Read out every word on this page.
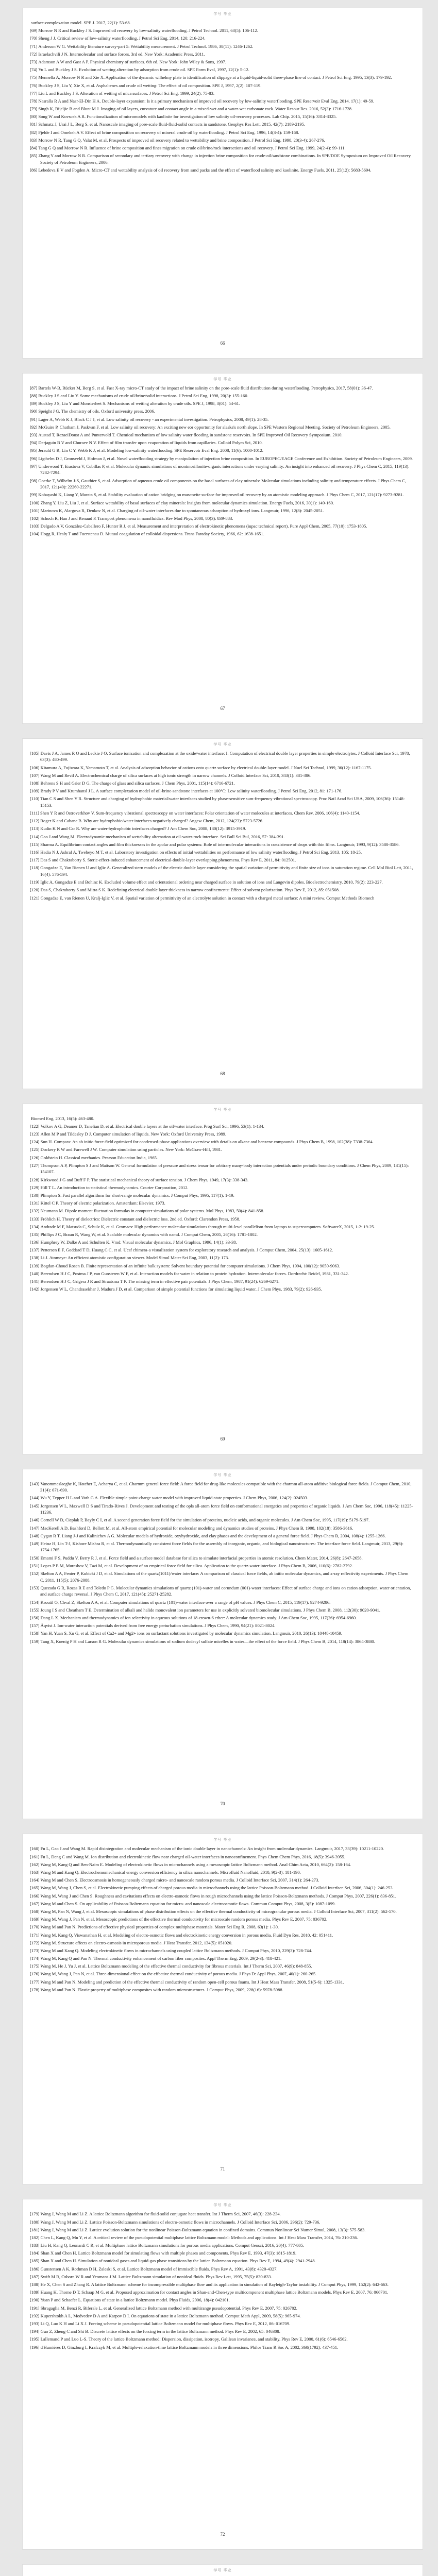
学号 毕业

surface-complexation model. SPE J. 2017, 22(1): 53-68.

[69] Morrow N R and Buckley J S. Improved oil recovery by low-salinity waterflooding. J Petrol Technol. 2011, 63(5): 106-112.

[70] Sheng J J. Critical review of low-salinity waterflooding. J Petrol Sci Eng. 2014, 120: 216-224.

[71] Anderson W G. Wettability literature survey-part 5: Wettability measurement. J Petrol Technol. 1986, 38(11): 1246-1262.

[72] Israelachvili J N. Intermolecular and surface forces. 3rd ed. New York: Academic Press, 2011.

[73] Adamson A W and Gast A P. Physical chemistry of surfaces. 6th ed. New York: John Wiley & Sons, 1997.

[74] Yu L and Buckley J S. Evolution of wetting alteration by adsorption from crude oil. SPE Form Eval, 1997, 12(1): 5-12.

[75] Mennella A, Morrow N R and Xie X. Application of the dynamic wilhelmy plate to identification of slippage at a liquid-liquid-solid three-phase line of contact. J Petrol Sci Eng. 1995, 13(3): 179-192.

[76] Buckley J S, Liu Y, Xie X, et al. Asphaltenes and crude oil wetting: The effect of oil composition. SPE J, 1997, 2(2): 107-119.

[77] Liu L and Buckley J S. Alteration of wetting of mica surfaces. J Petrol Sci Eng. 1999, 24(2): 75-83.

[78] Nasralla R A and Nasr-El-Din H A. Double-layer expansion: Is it a primary mechanism of improved oil recovery by low-salinity waterflooding. SPE Reservoir Eval Eng. 2014, 17(1): 49-59.

[79] Singh K, Bijeljic B and Blunt M J. Imaging of oil layers, curvature and contact angle in a mixed-wet and a water-wet carbonate rock. Water Resour Res. 2016, 52(3): 1716-1728.

[80] Song W and Kovscek A R. Functionalization of micromodels with kaolinite for investigation of low salinity oil-recovery processes. Lab Chip. 2015, 15(16): 3314-3325.

[81] Schmatz J, Urai J L, Berg S, et al. Nanoscale imaging of pore-scale fluid-fluid-solid contacts in sandstone. Geophys Res Lett. 2015, 42(7): 2189-2195.

[82] Fjelde I and Omekeh A V. Effect of brine composition on recovery of mineral crude oil by waterflooding. J Petrol Sci Eng. 1996, 14(3-4): 159-168.

[83] Morrow N R, Tang G Q, Valat M, et al. Prospects of improved oil recovery related to wettability and brine composition. J Petrol Sci Eng. 1998, 20(3-4): 267-276.

[84] Tang G Q and Morrow N R. Influence of brine composition and fines migration on crude oil/brine/rock interactions and oil recovery. J Petrol Sci Eng. 1999, 24(2-4): 99-111.

[85] Zhang Y and Morrow N R. Comparison of secondary and tertiary recovery with change in injection brine composition for crude-oil/sandstone combinations. In SPE/DOE Symposium on Improved Oil Recovery. Society of Petroleum Engineers, 2006.

[86] Lebedeva E V and Fogden A. Micro-CT and wettability analysis of oil recovery from sand packs and the effect of waterflood salinity and kaolinite. Energy Fuels. 2011, 25(12): 5683-5694.

66
学号 毕业

[87] Bartels W-B, Rücker M, Berg S, et al. Fast X-ray micro-CT study of the impact of brine salinity on the pore-scale fluid distribution during waterflooding. Petrophysics, 2017, 58(01): 36-47.

[88] Buckley J S and Liu Y. Some mechanisms of crude oil/brine/solid interactions. J Petrol Sci Eng, 1998, 20(3): 155-160.

[89] Buckley J S, Liu Y and Monsterleet S. Mechanisms of wetting alteration by crude oils. SPE J, 1998, 3(01): 54-61.

[90] Speight J G. The chemistry of oils. Oxford university press, 2006.

[91] Lager A, Webb K J, Black C J J, et al. Low salinity oil recovery - an experimental investigation. Petrophysics, 2008, 49(1): 28-35.

[92] McGuire P, Chatham J, Paskvan F, et al. Low salinity oil recovery: An exciting new eor opportunity for alaska's north slope. In SPE Western Regional Meeting. Society of Petroleum Engineers, 2005.

[93] Austad T, RezaeiDoust A and Puntervold T. Chemical mechanism of low salinity water flooding in sandstone reservoirs. In SPE Improved Oil Recovery Symposium. 2010.

[94] Derjaguin B V and Churaev N V. Effect of film transfer upon evaporation of liquids from capillaries. Colloid Polym Sci, 2010.

[95] Jerauld G R, Lin C Y, Webb K J, et al. Modeling low-salinity waterflooding. SPE Reservoir Eval Eng. 2008, 11(6): 1000-1012.

[96] Ligthelm D J, Gronsveld J, Hofman J, et al. Novel waterflooding strategy by manipulation of injection brine composition. In EUROPEC/EAGE Conference and Exhibition. Society of Petroleum Engineers, 2009.

[97] Underwood T, Erastova V, Cubillas P, et al. Molecular dynamic simulations of montmorillonite-organic interactions under varying salinity: An insight into enhanced oil recovery. J Phys Chem C, 2015, 119(13): 7282-7294.

[98] Goerke T, Wilhelm J-S, Gauthier S, et al. Adsorption of aqueous crude oil components on the basal surfaces of clay minerals: Molecular simulations including salinity and temperature effects. J Phys Chem C, 2017, 121(40): 22260-22271.

[99] Kobayashi K, Liang Y, Murata S, et al. Stability evaluation of cation bridging on muscovite surface for improved oil recovery by an atomistic modeling approach. J Phys Chem C, 2017, 121(17): 9273-9281.

[100] Zhang Y, Liu Z, Liu J, et al. Surface wettability of basal surfaces of clay minerals: Insights from molecular dynamics simulation. Energy Fuels, 2016, 30(1): 149-160.

[101] Marinova K, Alargova R, Denkov N, et al. Charging of oil-water interfaces due to spontaneous adsorption of hydroxyl ions. Langmuir, 1996, 12(8): 2045-2051.

[102] Schoch R, Han J and Renaud P. Transport phenomena in nanofluidics. Rev Mod Phys, 2008, 80(3): 839-883.

[103] Delgado A V, González-Caballero F, Hunter R J, et al. Measurement and interpretation of electrokinetic phenomena (iupac technical report). Pure Appl Chem, 2005, 77(10): 1753-1805.

[104] Hogg R, Healy T and Fuerstenau D. Mutual coagulation of colloidal dispersions. Trans Faraday Society, 1966, 62: 1638-1651.

67
学号 毕业

[105] Davis J A, James R O and Leckie J O. Surface ionization and complexation at the oxide/water interface: I. Computation of electrical double layer properties in simple electrolytes. J Colloid Interface Sci, 1978, 63(3): 480-499.

[106] Kitamura A, Fujiwara K, Yamamoto T, et al. Analysis of adsorption behavior of cations onto quartz surface by electrical double-layer model. J Nucl Sci Technol, 1999, 36(12): 1167-1175.

[107] Wang M and Revil A. Electrochemical charge of silica surfaces at high ionic strength in narrow channels. J Colloid Interface Sci, 2010, 343(1): 381-386.

[108] Behrens S H and Grier D G. The charge of glass and silica surfaces. J Chem Phys, 2001, 115(14): 6716-6721.

[109] Brady P V and Krumhansl J L. A surface complexation model of oil-brine-sandstone interfaces at 100°C: Low salinity waterflooding. J Petrol Sci Eng, 2012, 81: 171-176.

[110] Tian C S and Shen Y R. Structure and charging of hydrophobic material/water interfaces studied by phase-sensitive sum-frequency vibrational spectroscopy. Proc Natl Acad Sci USA, 2009, 106(36): 15148-15153.

[111] Shen Y R and Ostroverkhov V. Sum-frequency vibrational spectroscopy on water interfaces: Polar orientation of water molecules at interfaces. Chem Rev, 2006, 106(4): 1140-1154.

[112] Roger K and Cabane B. Why are hydrophobic/water interfaces negatively charged? Angew Chem, 2012, 124(23): 5723-5726.

[113] Kudin K N and Car R. Why are water-hydrophobic interfaces charged? J Am Chem Soc, 2008, 130(12): 3915-3919.

[114] Gao J and Wang M. Electrodynamic mechanism of wettability alternation at oil-water-rock interface. Sci Bull Sci Bul, 2016, 57: 384-391.

[115] Sharma A. Equilibrium contact angles and film thicknesses in the apolar and polar systems: Role of intermolecular interactions in coexistence of drops with thin films. Langmuir, 1993, 9(12): 3580-3586.

[116] Hadia N J, Ashraf A, Tweheyo M T, et al. Laboratory investigation on effects of initial wettabilities on performance of low salinity waterflooding. J Petrol Sci Eng, 2013, 105: 18-25.

[117] Das S and Chakraborty S. Steric-effect-induced enhancement of electrical-double-layer overlapping phenomena. Phys Rev E, 2011, 84: 012501.

[118] Gongadze E, Van Rienen U and Iglic A. Generalized stern models of the electric double layer considering the spatial variation of permittivity and finite size of ions in saturation regime. Cell Mol Biol Lett, 2011, 16(4): 576-594.

[119] Iglic A, Gongadze E and Bohinc K. Excluded volume effect and orientational ordering near charged surface in solution of ions and Langevin dipoles. Bioelectrochemistry, 2010, 79(2): 223-227.

[120] Das S, Chakraborty S and Mitra S K. Redefining electrical double layer thickness in narrow confinements: Effect of solvent polarization. Phys Rev E, 2012, 85: 051508.

[121] Gongadze E, van Rienen U, Kralj-Iglic V, et al. Spatial variation of permittivity of an electrolyte solution in contact with a charged metal surface: A mini review. Comput Methods Biomech

68
学号 毕业

Biomed Eng, 2013, 16(5): 463-480.

[122] Volkov A G, Deamer D, Tanelian D, et al. Electrical double layers at the oil/water interface. Prog Surf Sci, 1996, 53(1): 1-134.

[123] Allen M P and Tildesley D J. Computer simulation of liquids. New York: Oxford University Press, 1989.

[124] Sun H. Compass: An ab initio force-field optimized for condensed-phase applications overview with details on alkane and benzene compounds. J Phys Chem B, 1998, 102(38): 7338-7364.

[125] Dockery R W and Farewell J W. Computer simulation using particles. New York: McGraw-Hill, 1981.

[126] Goldstein H. Classical mechanics. Pearson Education India, 1965.

[127] Thompson A P, Plimpton S J and Mattson W. General formulation of pressure and stress tensor for arbitrary many-body interaction potentials under periodic boundary conditions. J Chem Phys, 2009, 131(15): 154107.

[128] Kirkwood J G and Buff F P. The statistical mechanical theory of surface tension. J Chem Phys, 1949, 17(3): 338-343.

[129] Hill T L. An introduction to statistical thermodynamics. Courier Corporation, 2012.

[130] Plimpton S. Fast parallel algorithms for short-range molecular dynamics. J Comput Phys, 1995, 117(1): 1-19.

[131] Kittel C P. Theory of electric polarization. Amsterdam: Elsevier, 1973.

[132] Neumann M. Dipole moment fluctuation formulas in computer simulations of polar systems. Mol Phys, 1983, 50(4): 841-858.

[133] Fröhlich H. Theory of dielectrics: Dielectric constant and dielectric loss. 2nd ed. Oxford: Clarendon Press, 1958.

[134] Andrade M F, Matsuda C, Schulz K, et al. Gromacs: High performance molecular simulations through multi-level parallelism from laptops to supercomputers. SoftwareX, 2015, 1-2: 19-25.

[135] Phillips J C, Braun R, Wang W, et al. Scalable molecular dynamics with namd. J Comput Chem, 2005, 26(16): 1781-1802.

[136] Humphrey W, Dalke A and Schulten K. Vmd: Visual molecular dynamics. J Mol Graphics, 1996, 14(1): 33-38.

[137] Pettersen E F, Goddard T D, Huang C C, et al. Ucsf chimera-a visualization system for exploratory research and analysis. J Comput Chem, 2004, 25(13): 1605-1612.

[138] Li J. Atomeye: An efficient atomistic configuration viewer. Model Simul Mater Sci Eng, 2003, 11(2): 173.

[139] Bogdan-Choud Rosen B. Finite representation of an infinite bulk system: Solvent boundary potential for computer simulations. J Chem Phys, 1994, 100(12): 9050-9063.

[140] Berendsen H J C, Postma J P, van Gunsteren W F, et al. Interaction models for water in relation to protein hydration. Intermolecular forces. Dordrecht: Reidel, 1981, 331-342.

[141] Berendsen H J C, Grigera J R and Straatsma T P. The missing term in effective pair potentials. J Phys Chem, 1987, 91(24): 6269-6271.

[142] Jorgensen W L, Chandrasekhar J, Madura J D, et al. Comparison of simple potential functions for simulating liquid water. J Chem Phys, 1983, 79(2): 926-935.

69
学号 毕业

[143] Vanommeslaeghe K, Hatcher E, Acharya C, et al. Charmm general force field: A force field for drug-like molecules compatible with the charmm all-atom additive biological force fields. J Comput Chem, 2010, 31(4): 671-690.

[144] Wu Y, Tepper H L and Voth G A. Flexible simple point-charge water model with improved liquid-state properties. J Chem Phys, 2006, 124(2): 024503.

[145] Jorgensen W L, Maxwell D S and Tirado-Rives J. Development and testing of the opls all-atom force field on conformational energetics and properties of organic liquids. J Am Chem Soc, 1996, 118(45): 11225-11236.

[146] Cornell W D, Cieplak P, Bayly C I, et al. A second generation force field for the simulation of proteins, nucleic acids, and organic molecules. J Am Chem Soc, 1995, 117(19): 5179-5197.

[147] MacKerell A D, Bashford D, Bellott M, et al. All-atom empirical potential for molecular modeling and dynamics studies of proteins. J Phys Chem B, 1998, 102(18): 3586-3616.

[148] Cygan R T, Liang J-J and Kalinichev A G. Molecular models of hydroxide, oxyhydroxide, and clay phases and the development of a general force field. J Phys Chem B, 2004, 108(4): 1255-1266.

[149] Heinz H, Lin T-J, Kishore Mishra R, et al. Thermodynamically consistent force fields for the assembly of inorganic, organic, and biological nanostructures: The interface force field. Langmuir, 2013, 29(6): 1754-1765.

[150] Emami F S, Puddu V, Berry R J, et al. Force field and a surface model database for silica to simulate interfacial properties in atomic resolution. Chem Mater, 2014, 26(8): 2647-2658.

[151] Lopes P E M, Murashov V, Tazi M, et al. Development of an empirical force field for silica. Application to the quartz-water interface. J Phys Chem B, 2006, 110(6): 2782-2792.

[152] Skelton A A, Fenter P, Kubicki J D, et al. Simulations of the quartz(1011)/water interface: A comparison of classical force fields, ab initio molecular dynamics, and x-ray reflectivity experiments. J Phys Chem C, 2011, 115(5): 2076-2088.

[153] Quezada G R, Rozas R E and Toledo P G. Molecular dynamics simulations of quartz (101)-water and corundum (001)-water interfaces: Effect of surface charge and ions on cation adsorption, water orientation, and surface charge reversal. J Phys Chem C, 2017, 121(45): 25271-25282.

[154] Kroutil O, Chval Z, Skelton A A, et al. Computer simulations of quartz (101)-water interface over a range of pH values. J Phys Chem C, 2015, 119(17): 9274-9286.

[155] Joung I S and Cheatham T E. Determination of alkali and halide monovalent ion parameters for use in explicitly solvated biomolecular simulations. J Phys Chem B, 2008, 112(30): 9020-9041.

[156] Dang L X. Mechanism and thermodynamics of ion selectivity in aqueous solutions of 18-crown-6 ether: A molecular dynamics study. J Am Chem Soc, 1995, 117(26): 6954-6960.

[157] Åqvist J. Ion-water interaction potentials derived from free energy perturbation simulations. J Phys Chem, 1990, 94(21): 8021-8024.

[158] Yan H, Yuan S, Xu G, et al. Effect of Ca2+ and Mg2+ ions on surfactant solutions investigated by molecular dynamics simulation. Langmuir, 2010, 26(13): 10448-10459.

[159] Tang X, Koenig P H and Larson R G. Molecular dynamics simulations of sodium dodecyl sulfate micelles in water—the effect of the force field. J Phys Chem B, 2014, 118(14): 3864-3880.

70
学号 毕业

[160] Fu L, Gao J and Wang M. Rapid disintegration and molecular mechanism of the ionic double layer in nanochannels: An insight from molecular dynamics. Langmuir, 2017, 33(39): 10211-10220.

[161] Fu L, Deng C and Wang M. Ion distribution and electrokinetic flow near charged oil-water interfaces in nanoconfinement. Phys Chem Chem Phys, 2016, 18(5): 3946-3955.

[162] Wang M, Kang Q and Ben-Naim E. Modeling of electrokinetic flows in microchannels using a mesoscopic lattice Boltzmann method. Anal Chim Acta, 2010, 664(2): 158-164.

[163] Wang M and Kang Q. Electrochemomechanical energy conversion efficiency in silica nanochannels. Microfluid Nanofluid, 2010, 9(2-3): 181-190.

[164] Wang M and Chen S. Electroosmosis in homogeneously charged micro- and nanoscale random porous media. J Colloid Interface Sci, 2007, 314(1): 264-273.

[165] Wang M, Wang J, Chen S, et al. Electrokinetic pumping effects of charged porous media in microchannels using the lattice Poisson-Boltzmann method. J Colloid Interface Sci, 2006, 304(1): 246-253.

[166] Wang M, Wang J and Chen S. Roughness and cavitations effects on electro-osmotic flows in rough microchannels using the lattice Poisson-Boltzmann methods. J Comput Phys, 2007, 226(1): 836-851.

[167] Wang M and Chen S. On applicability of Poisson-Boltzmann equation for micro- and nanoscale electroosmotic flows. Commun Comput Phys, 2008, 3(5): 1087-1099.

[168] Wang M, Pan N, Wang J, et al. Mesoscopic simulations of phase distribution effects on the effective thermal conductivity of microgranular porous media. J Colloid Interface Sci, 2007, 311(2): 562-570.

[169] Wang M, Wang J, Pan N, et al. Mesoscopic predictions of the effective thermal conductivity for microscale random porous media. Phys Rev E, 2007, 75: 036702.

[170] Wang M and Pan N. Predictions of effective physical properties of complex multiphase materials. Mater Sci Eng R, 2008, 63(1): 1-30.

[171] Wang M, Kang Q, Viswanathan H, et al. Modeling of electro-osmotic flows and electrokinetic energy conversion in porous media. Fluid Dyn Res, 2010, 42: 051411.

[172] Wang M. Structure effects on electro-osmosis in microporous media. J Heat Transfer, 2012, 134(5): 051020.

[173] Wang M and Kang Q. Modeling electrokinetic flows in microchannels using coupled lattice Boltzmann methods. J Comput Phys, 2010, 229(3): 728-744.

[174] Wang M, Kang Q and Pan N. Thermal conductivity enhancement of carbon fiber composites. Appl Therm Eng, 2009, 29(2-3): 418-421.

[175] Wang M, He J, Yu J, et al. Lattice Boltzmann modeling of the effective thermal conductivity for fibrous materials. Int J Therm Sci, 2007, 46(9): 848-855.

[176] Wang M, Wang J, Pan N, et al. Three-dimensional effect on the effective thermal conductivity of porous media. J Phys D: Appl Phys, 2007, 40(1): 260-265.

[177] Wang M and Pan N. Modeling and prediction of the effective thermal conductivity of random open-cell porous foams. Int J Heat Mass Transfer, 2008, 51(5-6): 1325-1331.

[178] Wang M and Pan N. Elastic property of multiphase composites with random microstructures. J Comput Phys, 2009, 228(16): 5978-5988.

71
学号 毕业

[179] Wang J, Wang M and Li Z. A lattice Boltzmann algorithm for fluid-solid conjugate heat transfer. Int J Therm Sci, 2007, 46(3): 228-234.

[180] Wang J, Wang M and Li Z. Lattice Poisson-Boltzmann simulations of electro-osmotic flows in microchannels. J Colloid Interface Sci, 2006, 296(2): 729-736.

[181] Wang J, Wang M and Li Z. Lattice evolution solution for the nonlinear Poisson-Boltzmann equation in confined domains. Commun Nonlinear Sci Numer Simul, 2008, 13(3): 575-583.

[182] Chen L, Kang Q, Mu Y, et al. A critical review of the pseudopotential multiphase lattice Boltzmann model: Methods and applications. Int J Heat Mass Transfer, 2014, 76: 210-236.

[183] Liu H, Kang Q, Leonardi C R, et al. Multiphase lattice Boltzmann simulations for porous media applications. Comput Geosci, 2016, 20(4): 777-805.

[184] Shan X and Chen H. Lattice Boltzmann model for simulating flows with multiple phases and components. Phys Rev E, 1993, 47(3): 1815-1819.

[185] Shan X and Chen H. Simulation of nonideal gases and liquid-gas phase transitions by the lattice Boltzmann equation. Phys Rev E, 1994, 49(4): 2941-2948.

[186] Gunstensen A K, Rothman D H, Zaleski S, et al. Lattice Boltzmann model of immiscible fluids. Phys Rev A, 1991, 43(8): 4320-4327.

[187] Swift M R, Osborn W R and Yeomans J M. Lattice Boltzmann simulation of nonideal fluids. Phys Rev Lett, 1995, 75(5): 830-833.

[188] He X, Chen S and Zhang R. A lattice Boltzmann scheme for incompressible multiphase flow and its application in simulation of Rayleigh-Taylor instability. J Comput Phys, 1999, 152(2): 642-663.

[189] Huang H, Thorne D T, Schaap M G, et al. Proposed approximation for contact angles in Shan-and-Chen-type multicomponent multiphase lattice Boltzmann models. Phys Rev E, 2007, 76: 066701.

[190] Yuan P and Schaefer L. Equations of state in a lattice Boltzmann model. Phys Fluids, 2006, 18(4): 042101.

[191] Sbragaglia M, Benzi R, Biferale L, et al. Generalized lattice Boltzmann method with multirange pseudopotential. Phys Rev E, 2007, 75: 026702.

[192] Kupershtokh A L, Medvedev D A and Karpov D I. On equations of state in a lattice Boltzmann method. Comput Math Appl, 2009, 58(5): 965-974.

[193] Li Q, Luo K H and Li X J. Forcing scheme in pseudopotential lattice Boltzmann model for multiphase flows. Phys Rev E, 2012, 86: 016709.

[194] Guo Z, Zheng C and Shi B. Discrete lattice effects on the forcing term in the lattice Boltzmann method. Phys Rev E, 2002, 65: 046308.

[195] Lallemand P and Luo L-S. Theory of the lattice Boltzmann method: Dispersion, dissipation, isotropy, Galilean invariance, and stability. Phys Rev E, 2000, 61(6): 6546-6562.

[196] d'Humières D, Ginzburg I, Krafczyk M, et al. Multiple-relaxation-time lattice Boltzmann models in three dimensions. Philos Trans R Soc A, 2002, 360(1792): 437-451.

72
学号 毕业
